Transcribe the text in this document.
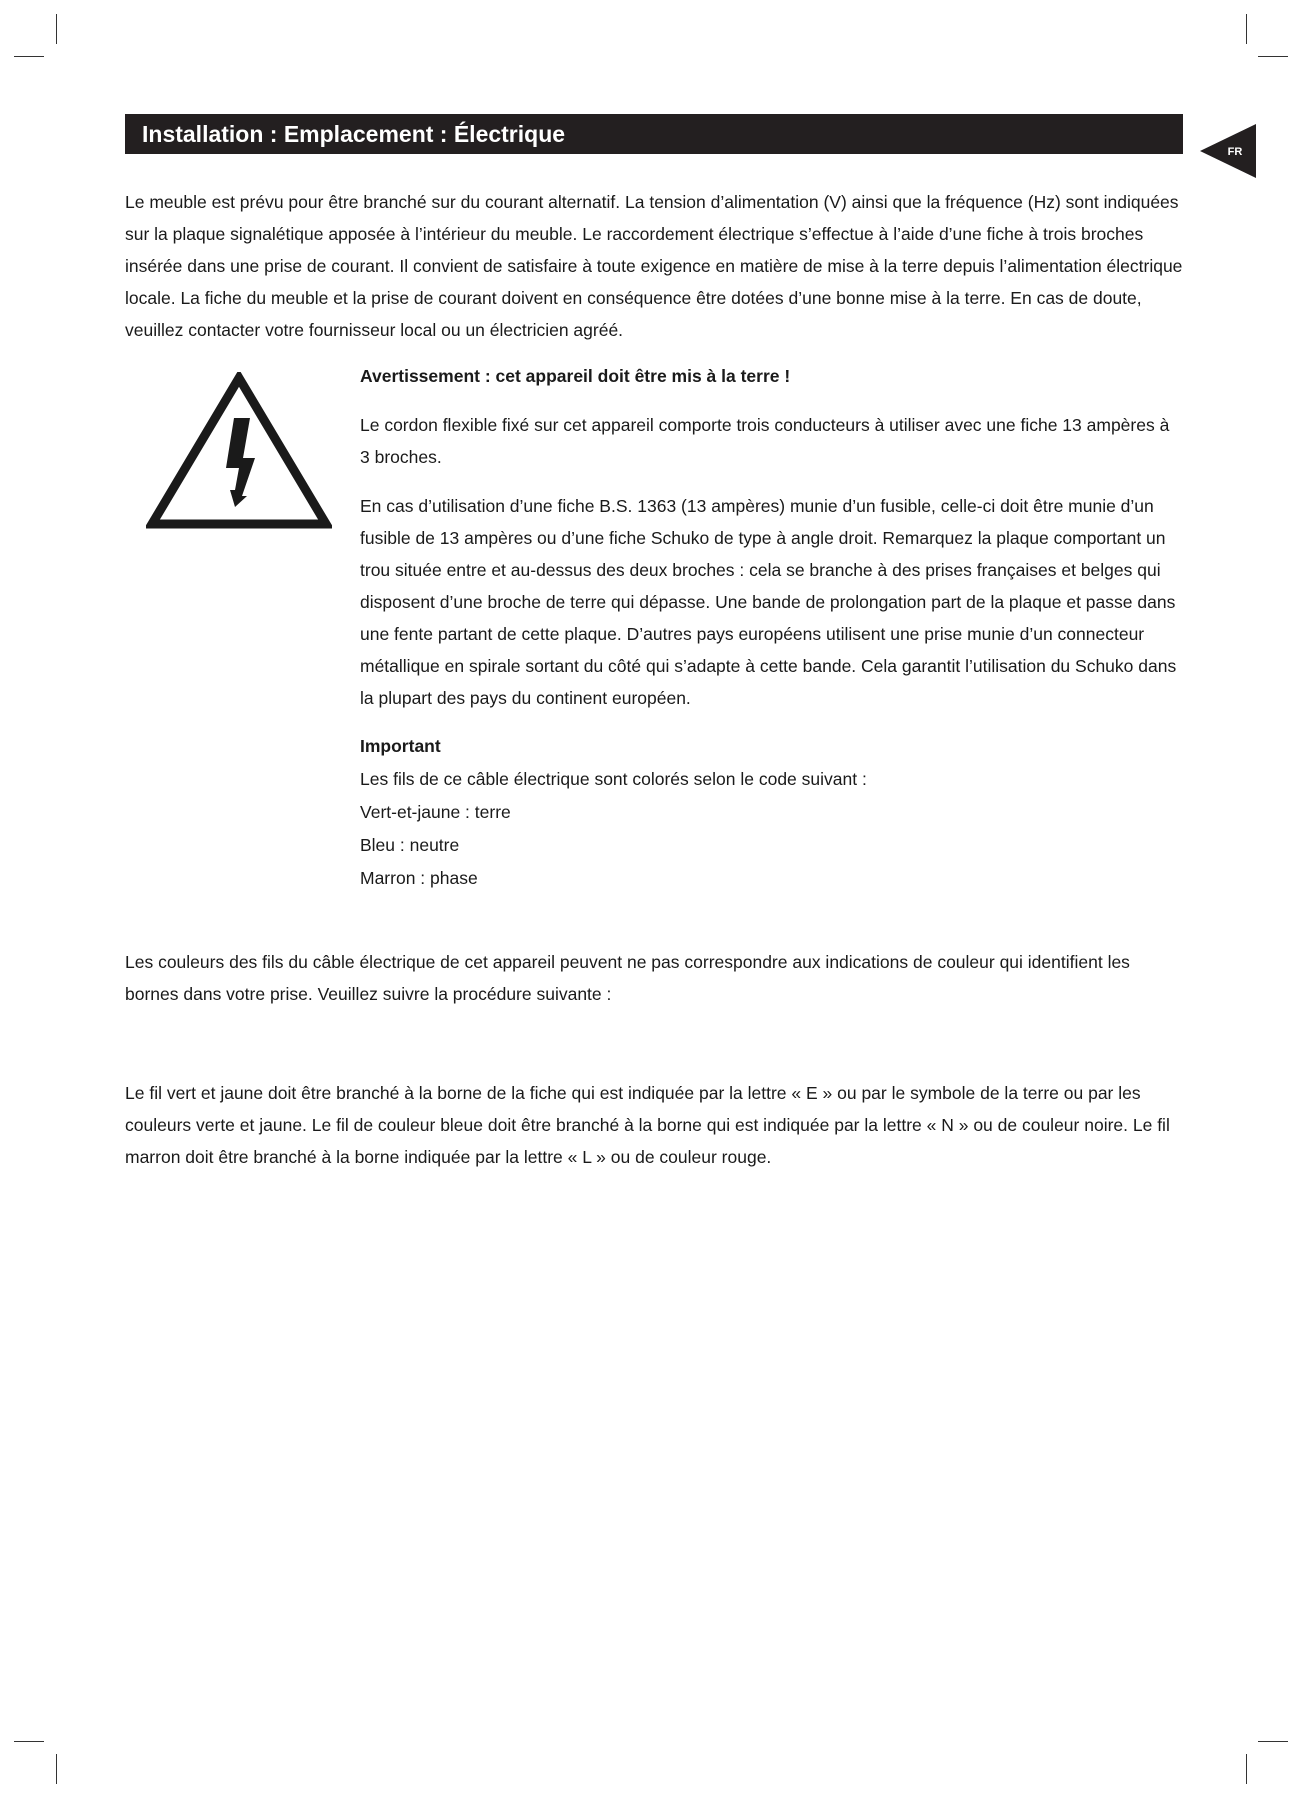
Installation : Emplacement : Électrique
FR

Le meuble est prévu pour être branché sur du courant alternatif. La tension d’alimentation (V) ainsi que la fréquence (Hz) sont indiquées sur la plaque signalétique apposée à l’intérieur du meuble. Le raccordement électrique s’effectue à l’aide d’une fiche à trois broches insérée dans une prise de courant. Il convient de satisfaire à toute exigence en matière de mise à la terre depuis l’alimentation électrique locale. La fiche du meuble et la prise de courant doivent en conséquence être dotées d’une bonne mise à la terre. En cas de doute, veuillez contacter votre fournisseur local ou un électricien agréé.

Avertissement : cet appareil doit être mis à la terre !

Le cordon flexible fixé sur cet appareil comporte trois conducteurs à utiliser avec une fiche 13 ampères à 3 broches.

En cas d’utilisation d’une fiche B.S. 1363 (13 ampères) munie d’un fusible, celle-ci doit être munie d’un fusible de 13 ampères ou d’une fiche Schuko de type à angle droit. Remarquez la plaque comportant un trou située entre et au-dessus des deux broches : cela se branche à des prises françaises et belges qui disposent d’une broche de terre qui dépasse. Une bande de prolongation part de la plaque et passe dans une fente partant de cette plaque. D’autres pays européens utilisent une prise munie d’un connecteur métallique en spirale sortant du côté qui s’adapte à cette bande. Cela garantit l’utilisation du Schuko dans la plupart des pays du continent européen.

Important

Les fils de ce câble électrique sont colorés selon le code suivant :

Vert-et-jaune : terre

Bleu : neutre

Marron : phase

Les couleurs des fils du câble électrique de cet appareil peuvent ne pas correspondre aux indications de couleur qui identifient les bornes dans votre prise. Veuillez suivre la procédure suivante :

Le fil vert et jaune doit être branché à la borne de la fiche qui est indiquée par la lettre « E » ou par le symbole de la terre ou par les couleurs verte et jaune. Le fil de couleur bleue doit être branché à la borne qui est indiquée par la lettre « N » ou de couleur noire. Le fil marron doit être branché à la borne indiquée par la lettre « L » ou de couleur rouge.
